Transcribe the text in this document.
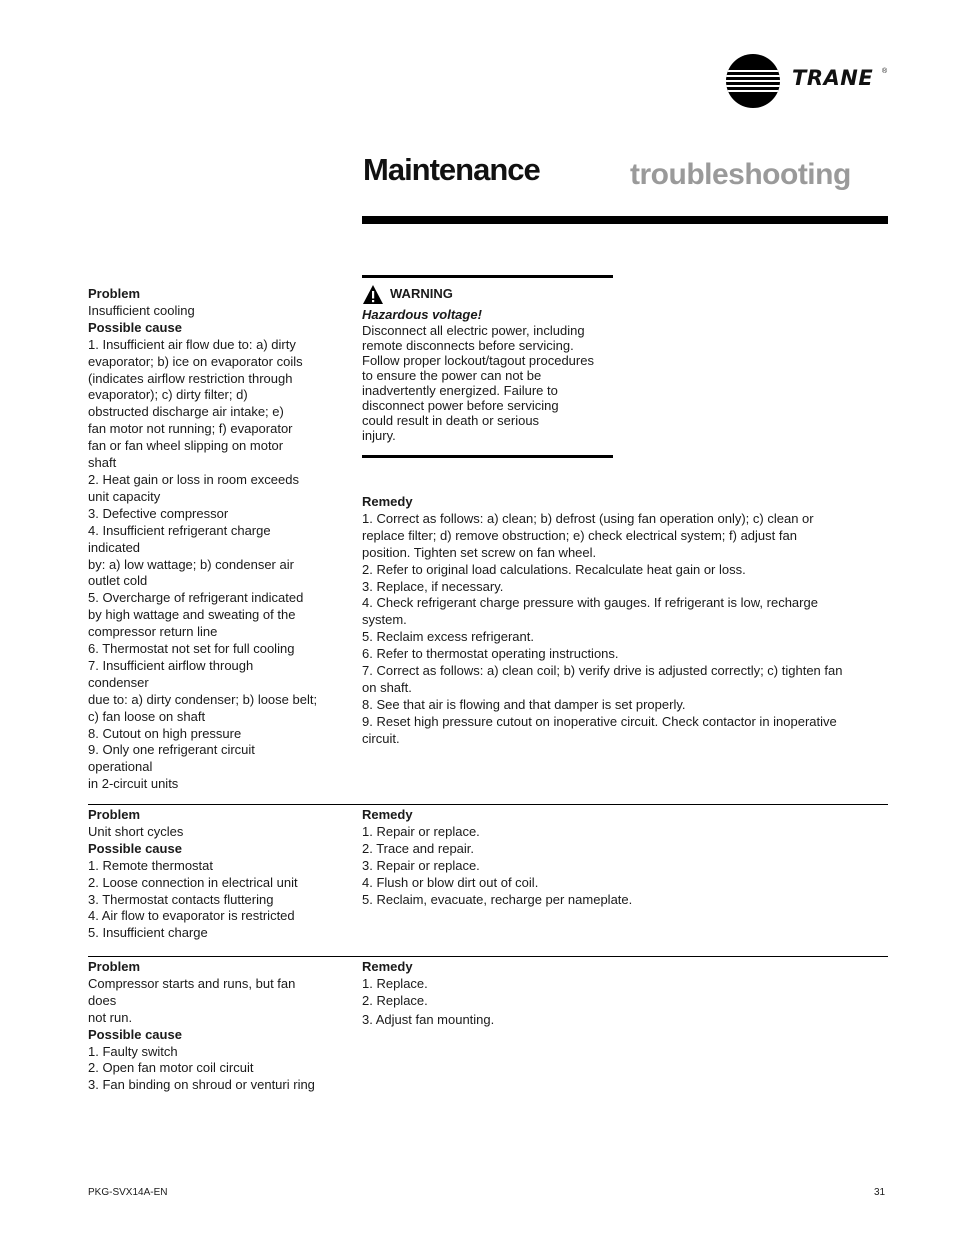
TRANE ®
Maintenance	troubleshooting
Problem
Insufficient cooling
Possible cause
1. Insufficient air flow due to: a) dirty
evaporator; b) ice on evaporator coils
(indicates airflow restriction through
evaporator); c) dirty filter; d)
obstructed discharge air intake; e)
fan motor not running; f) evaporator
fan or fan wheel slipping on motor
shaft
2. Heat gain or loss in room exceeds
unit capacity
3. Defective compressor
4. Insufficient refrigerant charge
indicated
by: a) low wattage; b) condenser air
outlet cold
5. Overcharge of refrigerant indicated
by high wattage and sweating of the
compressor return line
6. Thermostat not set for full cooling
7. Insufficient airflow through
condenser
due to: a) dirty condenser; b) loose belt;
c) fan loose on shaft
8. Cutout on high pressure
9. Only one refrigerant circuit
operational
in 2-circuit units
WARNING
Hazardous voltage!
Disconnect all electric power, including
remote disconnects before servicing.
Follow proper lockout/tagout procedures
to ensure the power can not be
inadvertently energized. Failure to
disconnect power before servicing
could result in death or serious
injury.
Remedy
1. Correct as follows: a) clean; b) defrost (using fan operation only); c) clean or
replace filter; d) remove obstruction; e) check electrical system; f) adjust fan
position. Tighten set screw on fan wheel.
2. Refer to original load calculations. Recalculate heat gain or loss.
3. Replace, if necessary.
4. Check refrigerant charge pressure with gauges. If refrigerant is low, recharge
system.
5. Reclaim excess refrigerant.
6. Refer to thermostat operating instructions.
7. Correct as follows: a) clean coil; b) verify drive is adjusted correctly; c) tighten fan
on shaft.
8. See that air is flowing and that damper is set properly.
9. Reset high pressure cutout on inoperative circuit. Check contactor in inoperative
circuit.
Problem
Unit short cycles
Possible cause
1. Remote thermostat
2. Loose connection in electrical unit
3. Thermostat contacts fluttering
4. Air flow to evaporator is restricted
5. Insufficient charge
Remedy
1. Repair or replace.
2. Trace and repair.
3. Repair or replace.
4. Flush or blow dirt out of coil.
5. Reclaim, evacuate, recharge per nameplate.
Problem
Compressor starts and runs, but fan
does
not run.
Possible cause
1. Faulty switch
2. Open fan motor coil circuit
3. Fan binding on shroud or venturi ring
Remedy
1. Replace.
2. Replace.
3. Adjust fan mounting.
PKG-SVX14A-EN	31
